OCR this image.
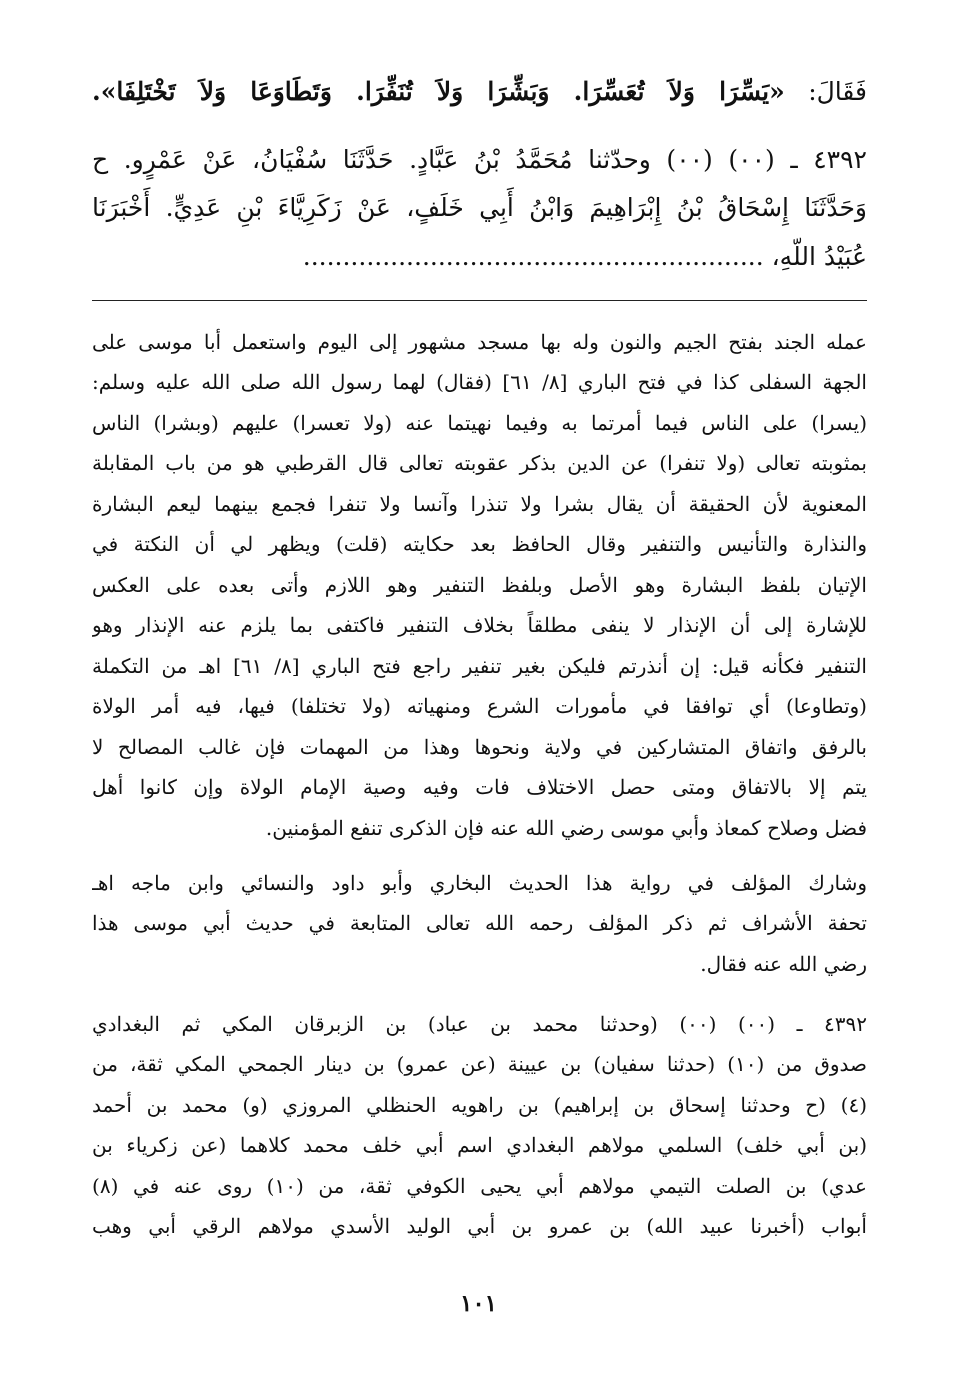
فَقَالَ: «يَسِّرَا وَلاَ تُعَسِّرَا. وَبَشِّرَا وَلاَ تُنَفِّرَا. وَتَطَاوَعَا وَلاَ تَخْتَلِفَا».
٤٣٩٢ ـ (٠٠) (٠٠) وحدّثنا مُحَمَّدُ بْنُ عَبَّادٍ. حَدَّثَنَا سُفْيَانُ، عَنْ عَمْرٍو. ح
وَحَدَّثَنَا إِسْحَاقُ بْنُ إِبْرَاهِيمَ وَابْنُ أَبِي خَلَفٍ، عَنْ زَكَرِيَّاءَ بْنِ عَدِيٍّ. أَخْبَرَنَا
عُبَيْدُ اللّهِ، ..........................................................
عمله الجند بفتح الجيم والنون وله بها مسجد مشهور إلى اليوم واستعمل أبا موسى على
الجهة السفلى كذا في فتح الباري [٨/ ٦١] (فقال) لهما رسول الله صلى الله عليه وسلم:
(يسرا) على الناس فيما أمرتما به وفيما نهيتما عنه (ولا تعسرا) عليهم (وبشرا) الناس
بمثوبته تعالى (ولا تنفرا) عن الدين بذكر عقوبته تعالى قال القرطبي هو من باب المقابلة
المعنوية لأن الحقيقة أن يقال بشرا ولا تنذرا وآنسا ولا تنفرا فجمع بينهما ليعم البشارة
والنذارة والتأنيس والتنفير وقال الحافظ بعد حكايته (قلت) ويظهر لي أن النكتة في
الإتيان بلفظ البشارة وهو الأصل وبلفظ التنفير وهو اللازم وأتى بعده على العكس
للإشارة إلى أن الإنذار لا ينفى مطلقاً بخلاف التنفير فاكتفى بما يلزم عنه الإنذار وهو
التنفير فكأنه قيل: إن أنذرتم فليكن بغير تنفير راجع فتح الباري [٨/ ٦١] اهـ من التكملة
(وتطاوعا) أي توافقا في مأمورات الشرع ومنهياته (ولا تختلفا) فيها، فيه أمر الولاة
بالرفق واتفاق المتشاركين في ولاية ونحوها وهذا من المهمات فإن غالب المصالح لا
يتم إلا بالاتفاق ومتى حصل الاختلاف فات وفيه وصية الإمام الولاة وإن كانوا أهل
فضل وصلاح كمعاذ وأبي موسى رضي الله عنه فإن الذكرى تنفع المؤمنين.
وشارك المؤلف في رواية هذا الحديث البخاري وأبو داود والنسائي وابن ماجه اهـ
تحفة الأشراف ثم ذكر المؤلف رحمه الله تعالى المتابعة في حديث أبي موسى هذا
رضي الله عنه فقال.
٤٣٩٢ ـ (٠٠) (٠٠) (وحدثنا محمد بن عباد) بن الزبرقان المكي ثم البغدادي
صدوق من (١٠) (حدثنا سفيان) بن عيينة (عن عمرو) بن دينار الجمحي المكي ثقة، من
(٤) (ح وحدثنا إسحاق بن إبراهيم) بن راهويه الحنظلي المروزي (و) محمد بن أحمد
(بن أبي خلف) السلمي مولاهم البغدادي اسم أبي خلف محمد كلاهما (عن زكرياء بن
عدي) بن الصلت التيمي مولاهم أبي يحيى الكوفي ثقة، من (١٠) روى عنه في (٨)
أبواب (أخبرنا عبيد الله) بن عمرو بن أبي الوليد الأسدي مولاهم الرقي أبي وهب
١٠١
